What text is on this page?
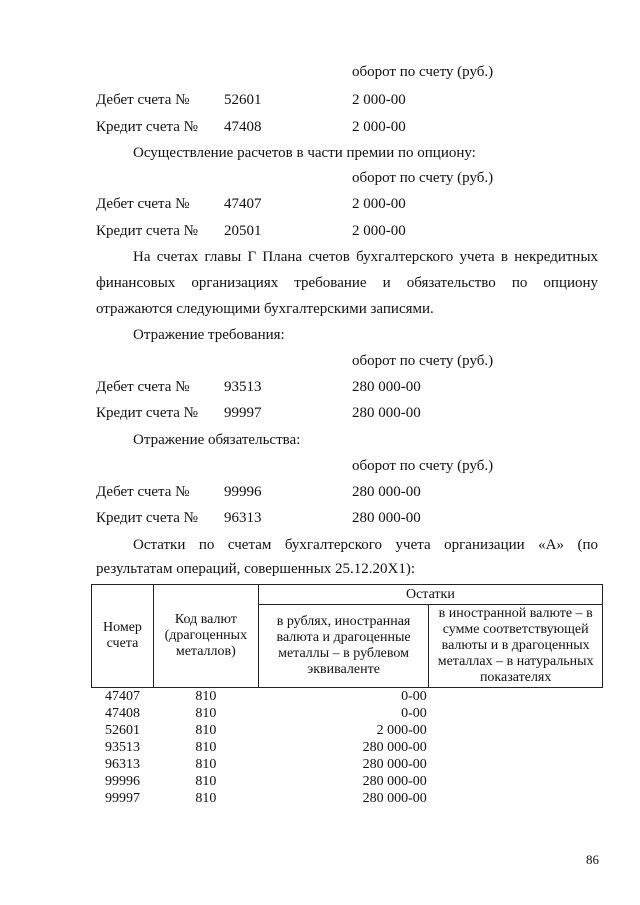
оборот по счету (руб.)
Дебет счета № 52601	2 000-00
Кредит счета № 47408	2 000-00
Осуществление расчетов в части премии по опциону:
оборот по счету (руб.)
Дебет счета № 47407	2 000-00
Кредит счета № 20501	2 000-00
На счетах главы Г Плана счетов бухгалтерского учета в некредитных
финансовых организациях требование и обязательство по опциону
отражаются следующими бухгалтерскими записями.
Отражение требования:
оборот по счету (руб.)
Дебет счета № 93513	280 000-00
Кредит счета № 99997	280 000-00
Отражение обязательства:
оборот по счету (руб.)
Дебет счета № 99996	280 000-00
Кредит счета № 96313	280 000-00
Остатки по счетам бухгалтерского учета организации «А» (по
результатам операций, совершенных 25.12.20Х1):
Номер счета	Код валют (драгоценных металлов)	Остатки	
		в рублях, иностранная валюта и драгоценные металлы – в рублевом эквиваленте	в иностранной валюте – в сумме соответствующей валюты и в драгоценных металлах – в натуральных показателях
47407	810	0-00	
47408	810	0-00	
52601	810	2 000-00	
93513	810	280 000-00	
96313	810	280 000-00	
99996	810	280 000-00	
99997	810	280 000-00	
86
